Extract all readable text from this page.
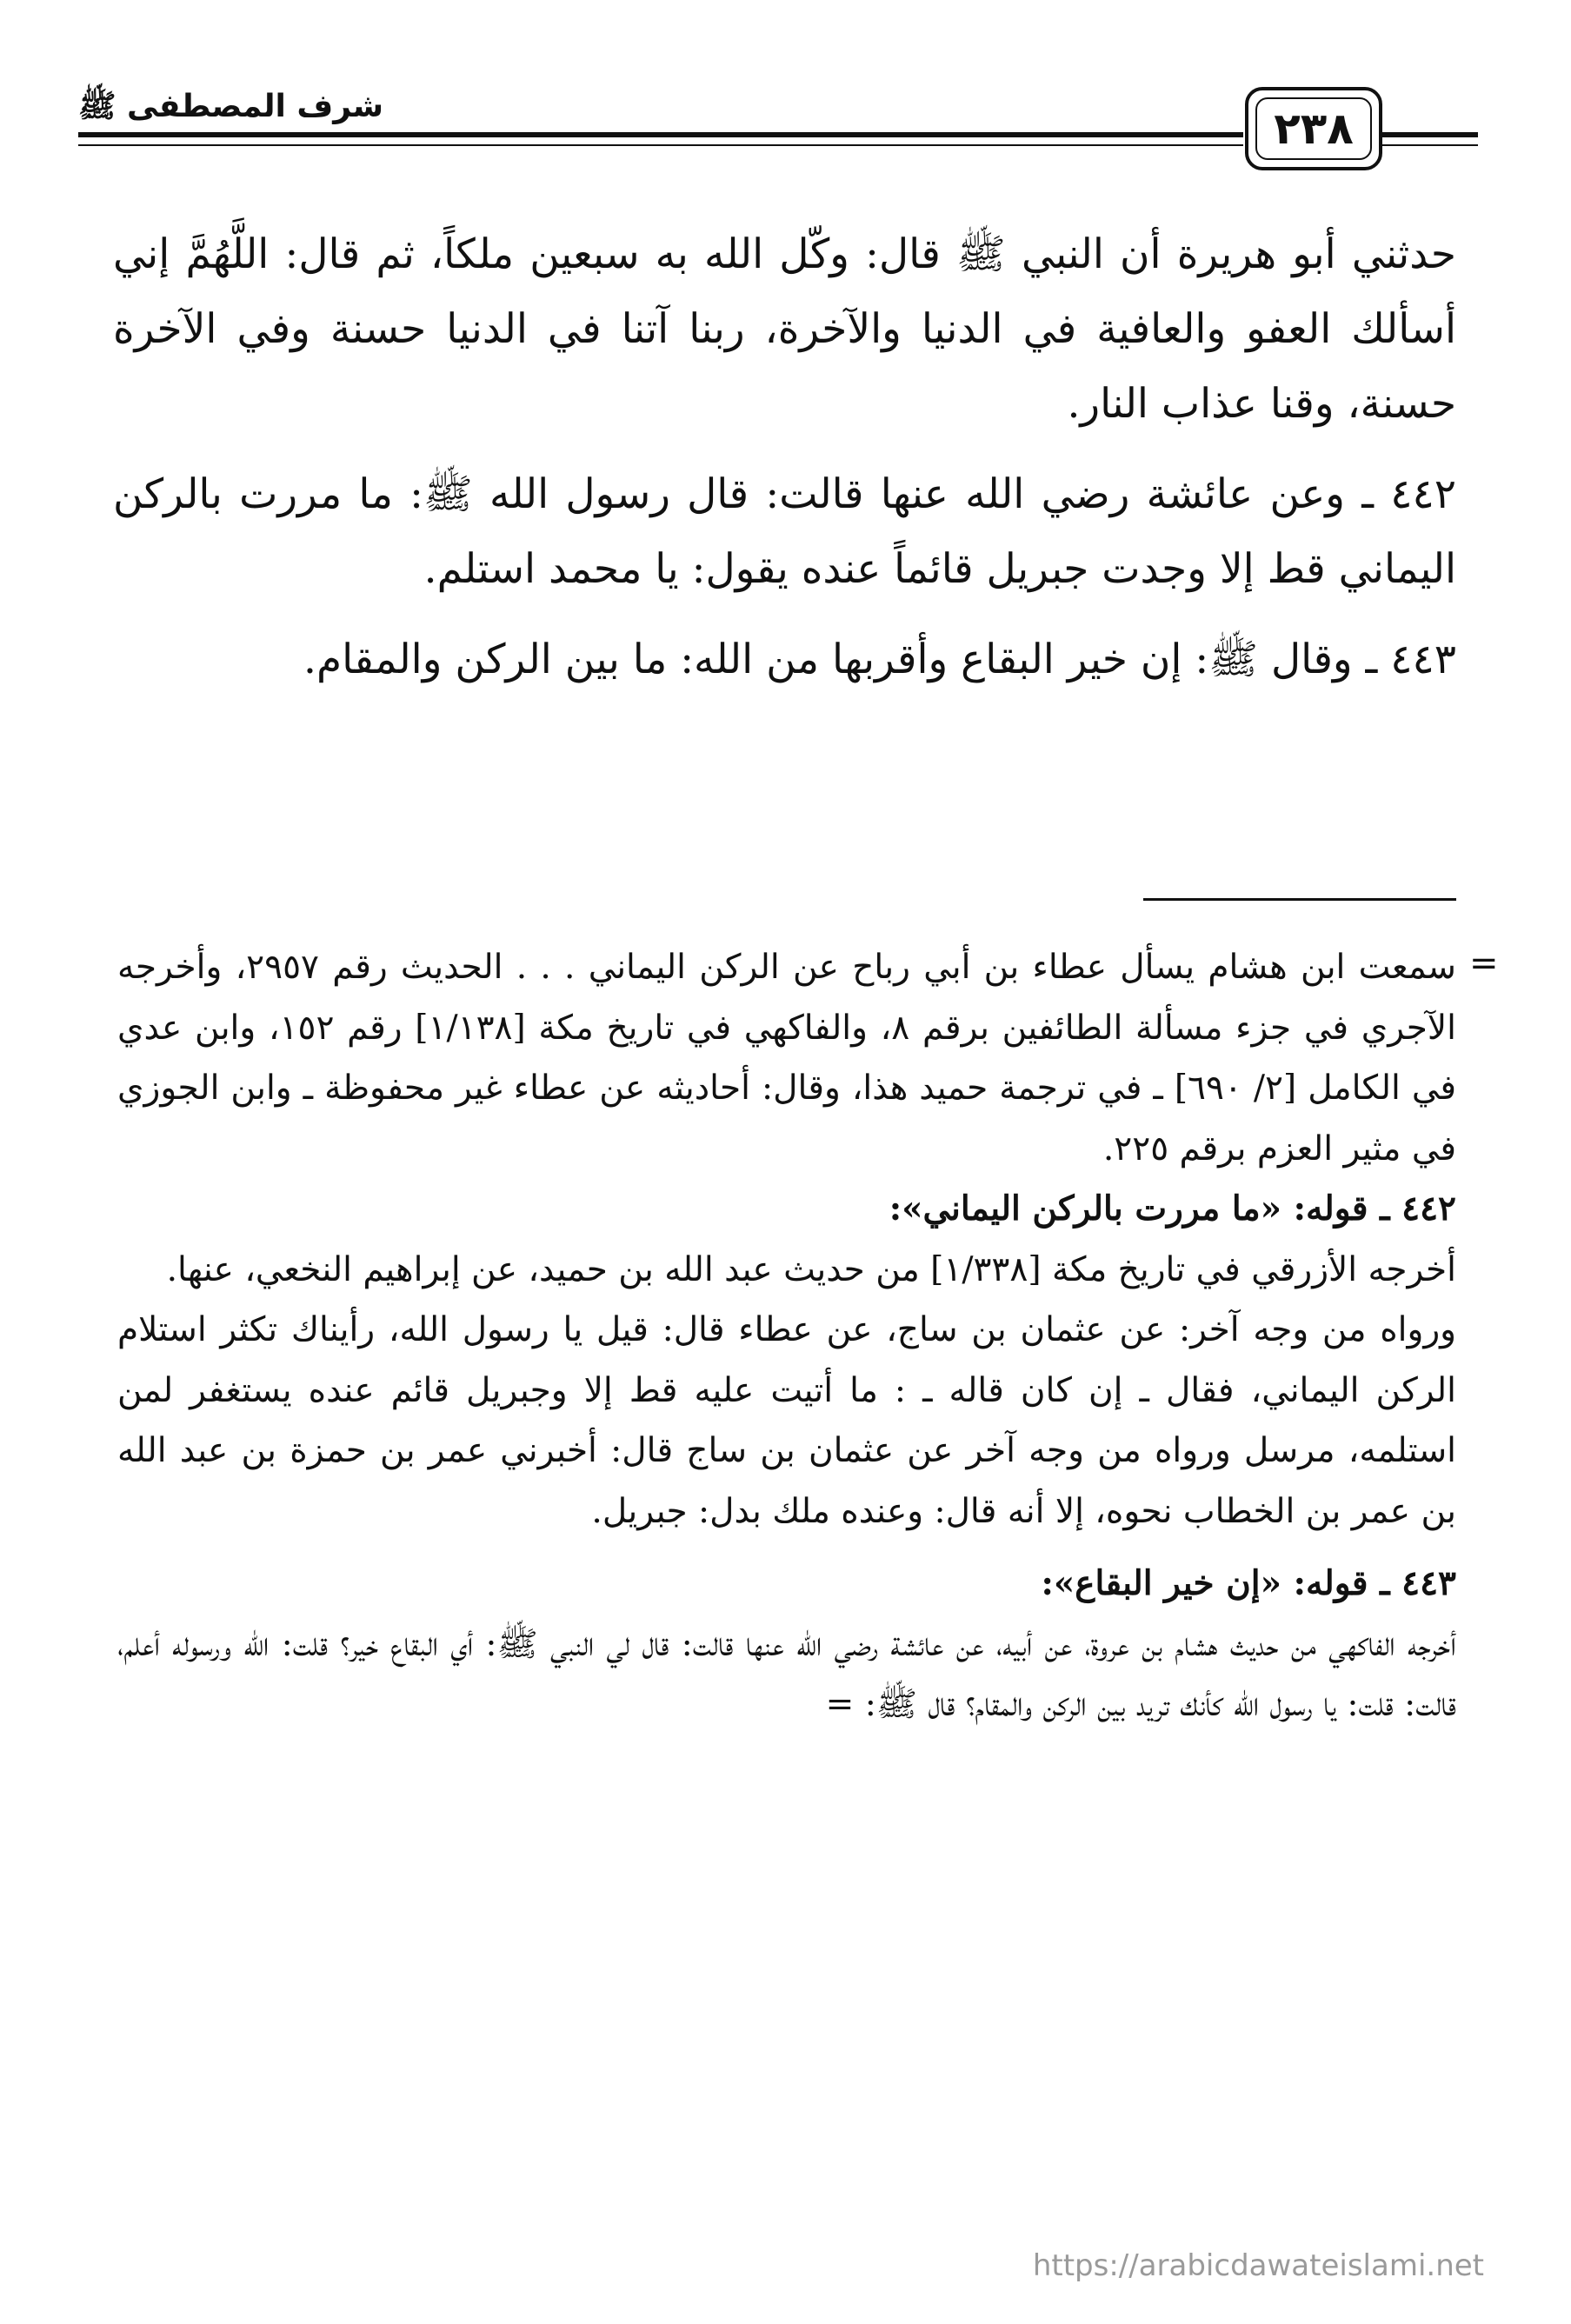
شرف المصطفى ﷺ	٢٣٨

حدثني أبو هريرة أن النبي ﷺ قال: وكّل الله به سبعين ملكاً، ثم قال: اللَّهُمَّ إني أسألك العفو والعافية في الدنيا والآخرة، ربنا آتنا في الدنيا حسنة وفي الآخرة حسنة، وقنا عذاب النار.

٤٤٢ ـ وعن عائشة رضي الله عنها قالت: قال رسول الله ﷺ: ما مررت بالركن اليماني قط إلا وجدت جبريل قائماً عنده يقول: يا محمد استلم.

٤٤٣ ـ وقال ﷺ: إن خير البقاع وأقربها من الله: ما بين الركن والمقام.

=

سمعت ابن هشام يسأل عطاء بن أبي رباح عن الركن اليماني . . . الحديث رقم ٢٩٥٧، وأخرجه الآجري في جزء مسألة الطائفين برقم ٨، والفاكهي في تاريخ مكة [١/١٣٨] رقم ١٥٢، وابن عدي في الكامل [٢/ ٦٩٠] ـ في ترجمة حميد هذا، وقال: أحاديثه عن عطاء غير محفوظة ـ وابن الجوزي في مثير العزم برقم ٢٢٥.

٤٤٢ ـ قوله: «ما مررت بالركن اليماني»:

أخرجه الأزرقي في تاريخ مكة [١/٣٣٨] من حديث عبد الله بن حميد، عن إبراهيم النخعي، عنها.

ورواه من وجه آخر: عن عثمان بن ساج، عن عطاء قال: قيل يا رسول الله، رأيناك تكثر استلام الركن اليماني، فقال ـ إن كان قاله ـ : ما أتيت عليه قط إلا وجبريل قائم عنده يستغفر لمن استلمه، مرسل ورواه من وجه آخر عن عثمان بن ساج قال: أخبرني عمر بن حمزة بن عبد الله بن عمر بن الخطاب نحوه، إلا أنه قال: وعنده ملك بدل: جبريل.

٤٤٣ ـ قوله: «إن خير البقاع»:

أخرجه الفاكهي من حديث هشام بن عروة، عن أبيه، عن عائشة رضي الله عنها قالت: قال لي النبي ﷺ: أي البقاع خير؟ قلت: الله ورسوله أعلم، قالت: قلت: يا رسول الله كأنك تريد بين الركن والمقام؟ قال ﷺ: =

https://arabicdawateislami.net
